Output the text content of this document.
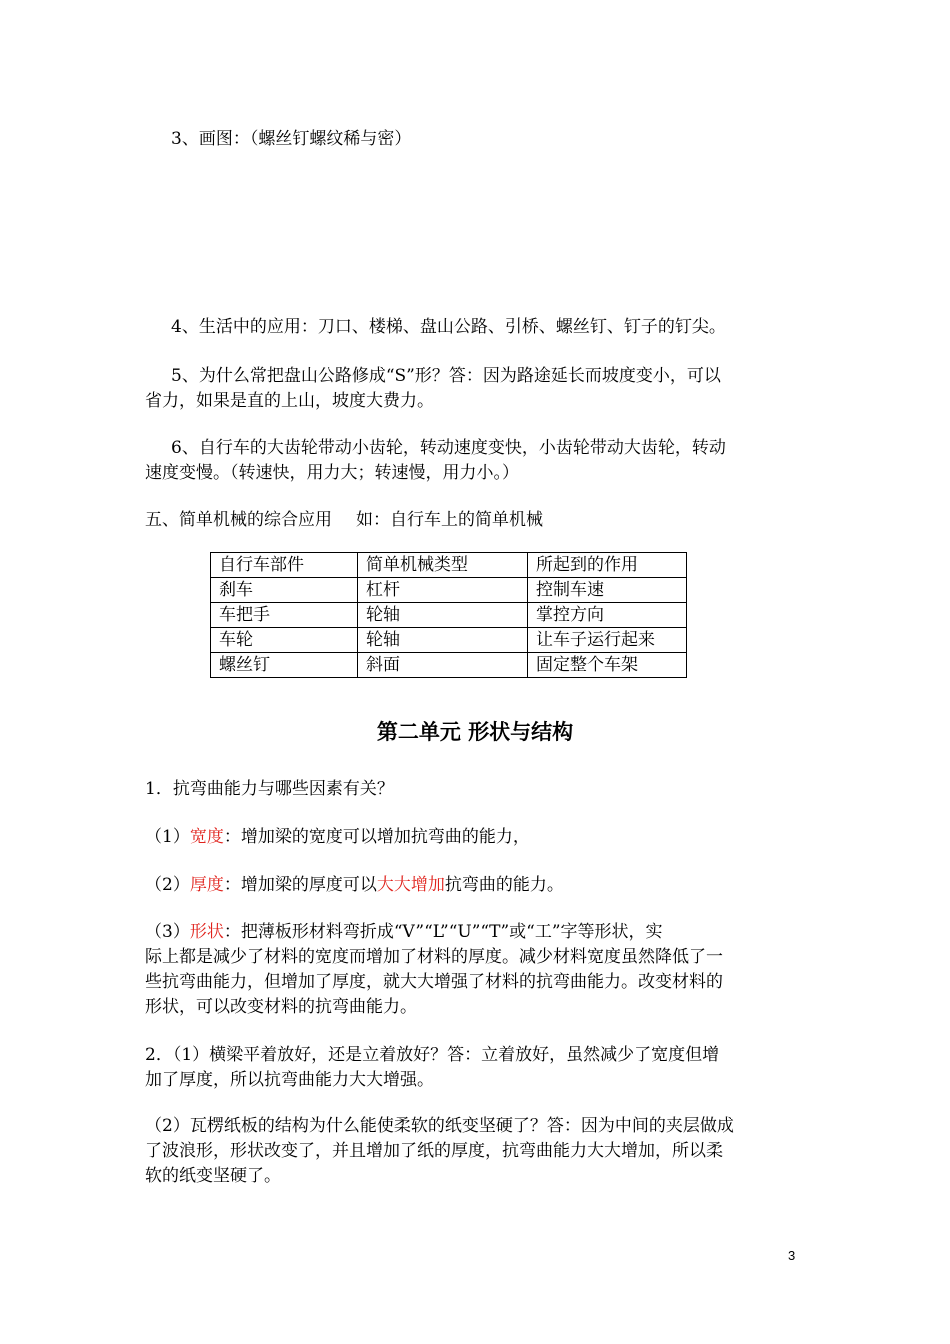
3、画图：（螺丝钉螺纹稀与密）

4、生活中的应用：刀口、楼梯、盘山公路、引桥、螺丝钉、钉子的钉尖。

5、为什么常把盘山公路修成“S”形？答：因为路途延长而坡度变小，可以
省力，如果是直的上山，坡度大费力。
6、自行车的大齿轮带动小齿轮，转动速度变快，小齿轮带动大齿轮，转动
速度变慢。（转速快，用力大；转速慢，用力小。）

五、简单机械的综合应用 如：自行车上的简单机械

自行车部件	简单机械类型	所起到的作用
刹车	杠杆	控制车速
车把手	轮轴	掌控方向
车轮	轮轴	让车子运行起来
螺丝钉	斜面	固定整个车架
第二单元 形状与结构

1．抗弯曲能力与哪些因素有关？

（1）宽度：增加梁的宽度可以增加抗弯曲的能力，

（2）厚度：增加梁的厚度可以大大增加抗弯曲的能力。

（3）形状：把薄板形材料弯折成“V”“L”“U”“T”或“工”字等形状，实
际上都是减少了材料的宽度而增加了材料的厚度。减少材料宽度虽然降低了一
些抗弯曲能力，但增加了厚度，就大大增强了材料的抗弯曲能力。改变材料的
形状，可以改变材料的抗弯曲能力。
2．（1）横梁平着放好，还是立着放好？答：立着放好，虽然减少了宽度但增
加了厚度，所以抗弯曲能力大大增强。
（2）瓦楞纸板的结构为什么能使柔软的纸变坚硬了？答：因为中间的夹层做成
了波浪形，形状改变了，并且增加了纸的厚度，抗弯曲能力大大增加，所以柔
软的纸变坚硬了。
3
